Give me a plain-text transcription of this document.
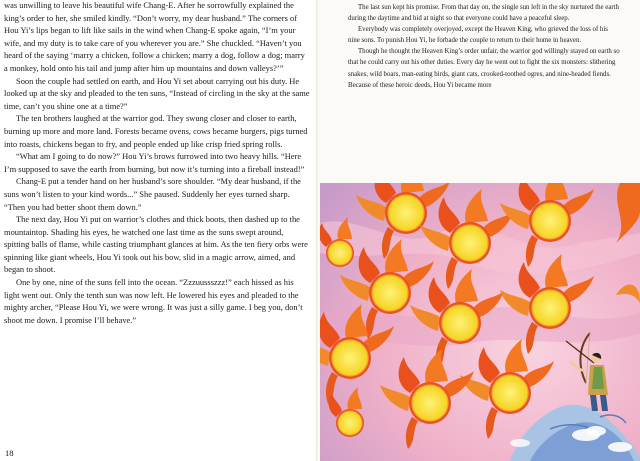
was unwilling to leave his beautiful wife Chang-E. After he sorrowfully explained the king’s order to her, she smiled kindly. “Don’t worry, my dear husband.” The corners of Hou Yi’s lips began to lift like sails in the wind when Chang-E spoke again, “I’m your wife, and my duty is to take care of you wherever you are.” She chuckled. “Haven’t you heard of the saying ‘marry a chicken, follow a chicken; marry a dog, follow a dog; marry a monkey, hold onto his tail and jump after him up mountains and down valleys?’”

Soon the couple had settled on earth, and Hou Yi set about carrying out his duty. He looked up at the sky and pleaded to the ten suns, “Instead of circling in the sky at the same time, can’t you shine one at a time?”

The ten brothers laughed at the warrior god. They swung closer and closer to earth, burning up more and more land. Forests became ovens, cows became burgers, pigs turned into roasts, chickens began to fry, and people ended up like crisp fried spring rolls.

“What am I going to do now?” Hou Yi’s brows furrowed into two heavy hills. “Here I’m supposed to save the earth from burning, but now it’s turning into a fireball instead!”

Chang-E put a tender hand on her husband’s sore shoulder. “My dear husband, if the suns won’t listen to your kind words...” She paused. Suddenly her eyes turned sharp. “Then you had better shoot them down.”

The next day, Hou Yi put on warrior’s clothes and thick boots, then dashed up to the mountaintop. Shading his eyes, he watched one last time as the suns swept around, spitting balls of flame, while casting triumphant glances at him. As the ten fiery orbs were spinning like giant wheels, Hou Yi took out his bow, slid in a magic arrow, aimed, and began to shoot.

One by one, nine of the suns fell into the ocean. “Zzzuussszzz!” each hissed as his light went out. Only the tenth sun was now left. He lowered his eyes and pleaded to the mighty archer, “Please Hou Yi, we were wrong. It was just a silly game. I beg you, don’t shoot me down. I promise I’ll behave.”

18

The last sun kept his promise. From that day on, the single sun left in the sky nurtured the earth during the daytime and hid at night so that everyone could have a peaceful sleep.

Everybody was completely overjoyed, except the Heaven King, who grieved the loss of his nine sons. To punish Hou Yi, he forbade the couple to return to their home in heaven.

Though he thought the Heaven King’s order unfair, the warrior god willingly stayed on earth so that he could carry out his other duties. Every day he went out to fight the six monsters: slithering snakes, wild boars, man-eating birds, giant cats, crooked-toothed ogres, and nine-headed fiends. Because of these heroic deeds, Hou Yi became more
